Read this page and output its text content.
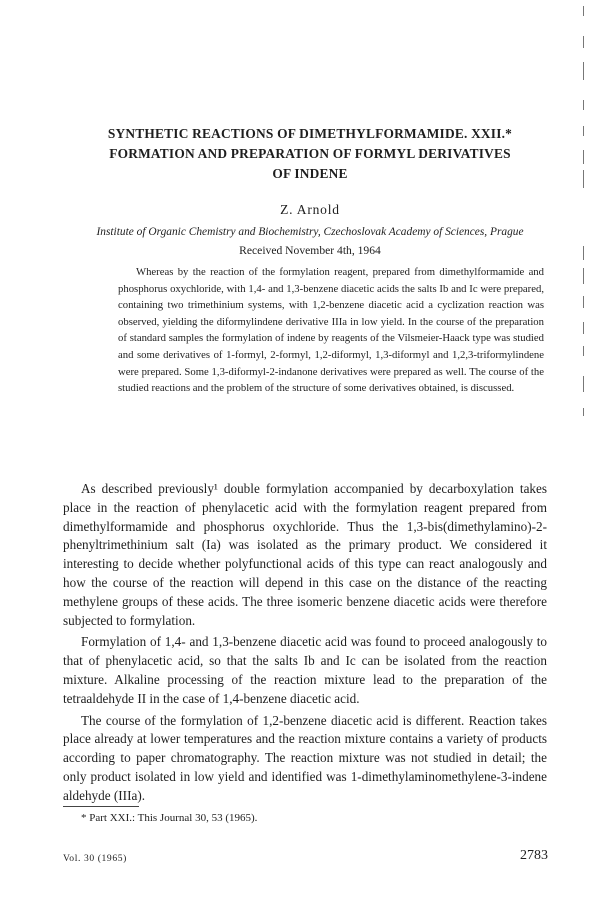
SYNTHETIC REACTIONS OF DIMETHYLFORMAMIDE. XXII.*
FORMATION AND PREPARATION OF FORMYL DERIVATIVES
OF INDENE
Z. Arnold
Institute of Organic Chemistry and Biochemistry, Czechoslovak Academy of Sciences, Prague
Received November 4th, 1964

Whereas by the reaction of the formylation reagent, prepared from dimethylformamide and phosphorus oxychloride, with 1,4- and 1,3-benzene diacetic acids the salts Ib and Ic were prepared, containing two trimethinium systems, with 1,2-benzene diacetic acid a cyclization reaction was observed, yielding the diformylindene derivative IIIa in low yield. In the course of the preparation of standard samples the formylation of indene by reagents of the Vilsmeier-Haack type was studied and some derivatives of 1-formyl, 2-formyl, 1,2-diformyl, 1,3-diformyl and 1,2,3-triformylindene were prepared. Some 1,3-diformyl-2-indanone derivatives were prepared as well. The course of the studied reactions and the problem of the structure of some derivatives obtained, is discussed.

As described previously¹ double formylation accompanied by decarboxylation takes place in the reaction of phenylacetic acid with the formylation reagent prepared from dimethylformamide and phosphorus oxychloride. Thus the 1,3-bis(dimethylamino)-2-phenyltrimethinium salt (Ia) was isolated as the primary product. We considered it interesting to decide whether polyfunctional acids of this type can react analogously and how the course of the reaction will depend in this case on the distance of the reacting methylene groups of these acids. The three isomeric benzene diacetic acids were therefore subjected to formylation.

Formylation of 1,4- and 1,3-benzene diacetic acid was found to proceed analogously to that of phenylacetic acid, so that the salts Ib and Ic can be isolated from the reaction mixture. Alkaline processing of the reaction mixture lead to the preparation of the tetraaldehyde II in the case of 1,4-benzene diacetic acid.

The course of the formylation of 1,2-benzene diacetic acid is different. Reaction takes place already at lower temperatures and the reaction mixture contains a variety of products according to paper chromatography. The reaction mixture was not studied in detail; the only product isolated in low yield and identified was 1-dimethylaminomethylene-3-indene aldehyde (IIIa).

* Part XXI.: This Journal 30, 53 (1965).
Vol. 30 (1965)	2783
